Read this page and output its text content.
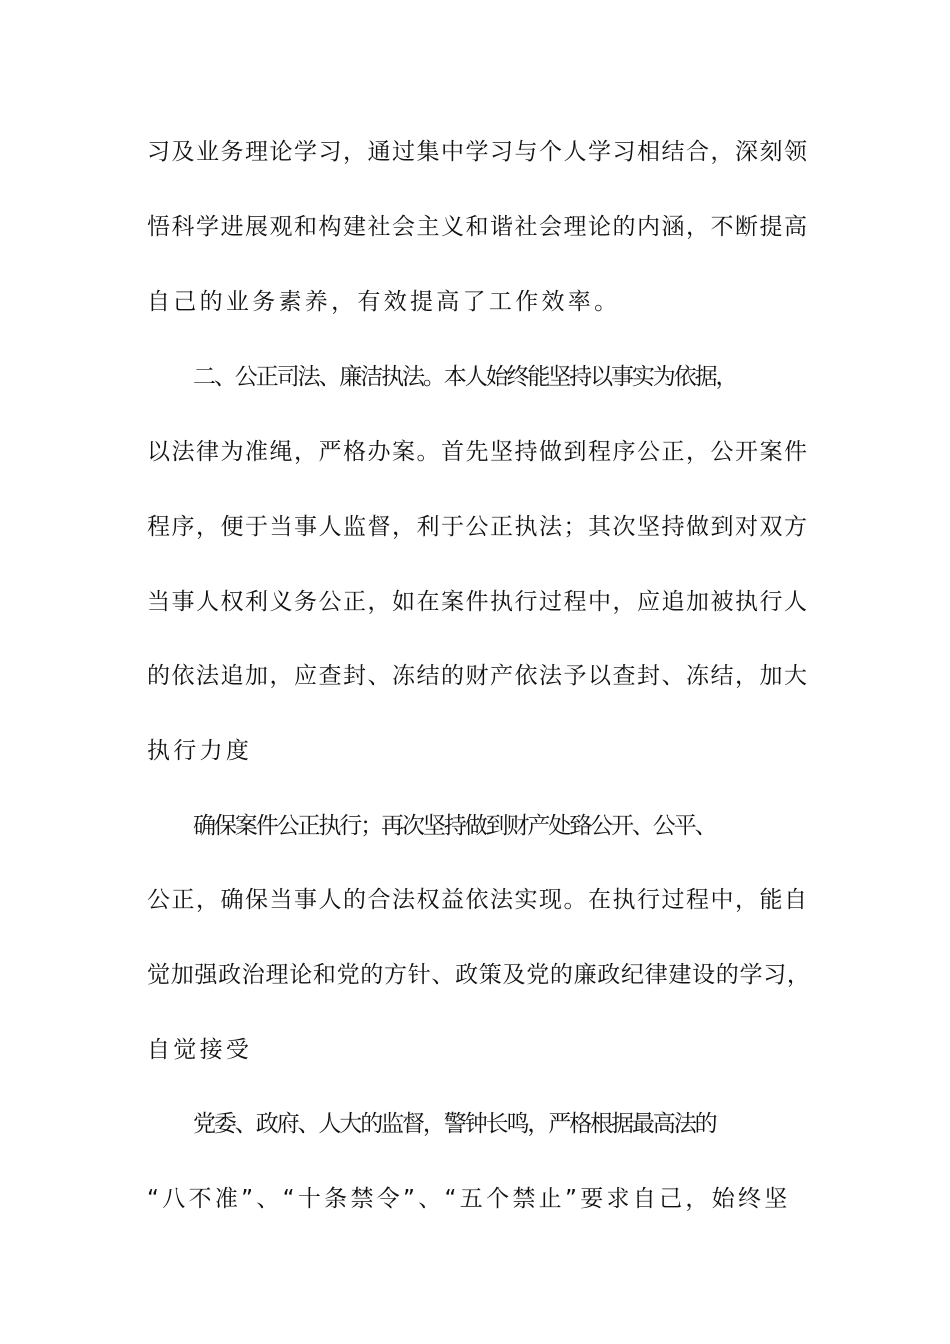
习及业务理论学习，通过集中学习与个人学习相结合，深刻领
悟科学进展观和构建社会主义和谐社会理论的内涵，不断提高
自己的业务素养，有效提高了工作效率。
二、公正司法、廉洁执法。本人始终能坚持以事实为依据，
以法律为准绳，严格办案。首先坚持做到程序公正，公开案件
程序，便于当事人监督，利于公正执法；其次坚持做到对双方
当事人权利义务公正，如在案件执行过程中，应追加被执行人
的依法追加，应查封、冻结的财产依法予以查封、冻结，加大
执行力度
确保案件公正执行；再次坚持做到财产处臵公开、公平、
公正，确保当事人的合法权益依法实现。在执行过程中，能自
觉加强政治理论和党的方针、政策及党的廉政纪律建设的学习，
自觉接受
党委、政府、人大的监督，警钟长鸣，严格根据最高法的
“八不准”、“十条禁令”、“五个禁止”要求自己，始终坚
